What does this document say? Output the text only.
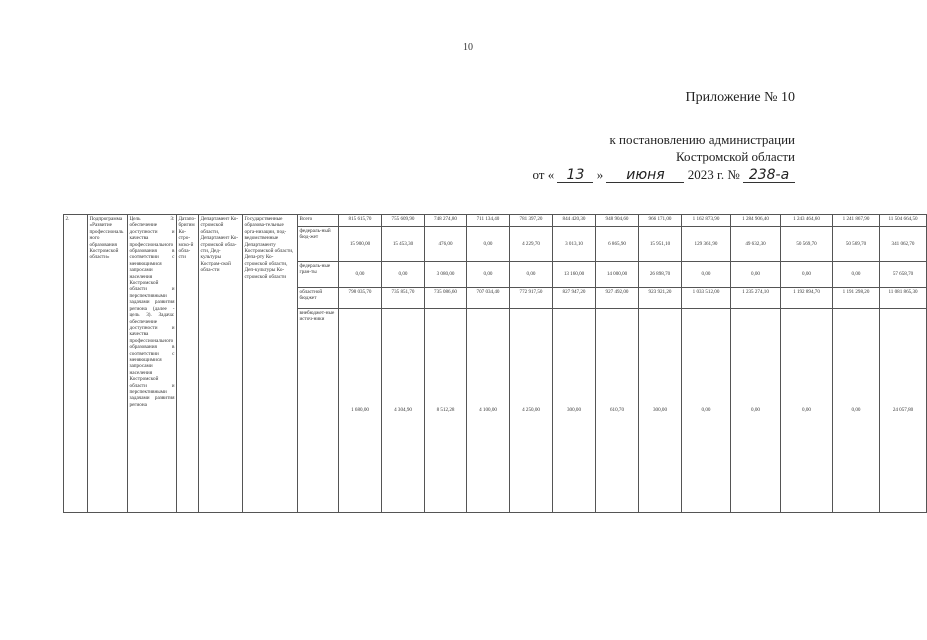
10
Приложение № 10
к постановлению администрации
Костромской области
от « 13 » июня 2023 г. № 238-а
2.	Подпрограмма «Развитие профессионального образования Костромской области»	Цель 3: обеспечение доступности и качества профессионального образования в соответствии с меняющимися запросами населения Костромской области и перспективными задачами развития региона (далее - цель 3). Задача: обеспечение доступности и качества профессионального образования в соответствии с меняющимися запросами населения Костромской области и перспективными задачами развития региона	Датапо-бригим Ко-стро-мско-й обла-сти	Департамент Ко-стромской области, Департамент Ко-стромской обла-сти, Дед-культуры Кострам-ской обла-сти	Государственные образова-тельные орга-низации, под-ведомственные Департаменту Костромской области, Депа-рту Ко-стромской области, Деп-культуры Ко-стромской области	Всего	815 615,70	755 609,90	748 274,80	711 134,40	781 397,20	844 420,30	948 904,60	966 171,00	1 162 873,90	1 284 906,40	1 243 464,60	1 241 867,90	11 504 664,50
						федераль-ный бюд-жет	15 900,00	15 453,30	476,00	0,00	4 229,70	3 013,10	6 865,90	15 951,10	129 361,90	49 632,30	50 569,70	50 569,70	341 062,70
						федераль-ные гран-ты	0,00	0,00	3 080,00	0,00	0,00	13 160,00	14 000,00	26 898,70	0,00	0,00	0,00	0,00	57 658,70
						областной бюджет	798 035,70	735 851,70	735 086,60	707 034,40	772 917,50	827 947,20	927 492,00	923 921,20	1 033 512,00	1 235 274,10	1 192 894,70	1 191 298,20	11 081 865,30
						внебюджет-ные источ-ники	1 680,00	4 304,90	8 512,28	4 100,00	4 250,00	300,00	610,70	300,00	0,00	0,00	0,00	0,00	24 057,80
